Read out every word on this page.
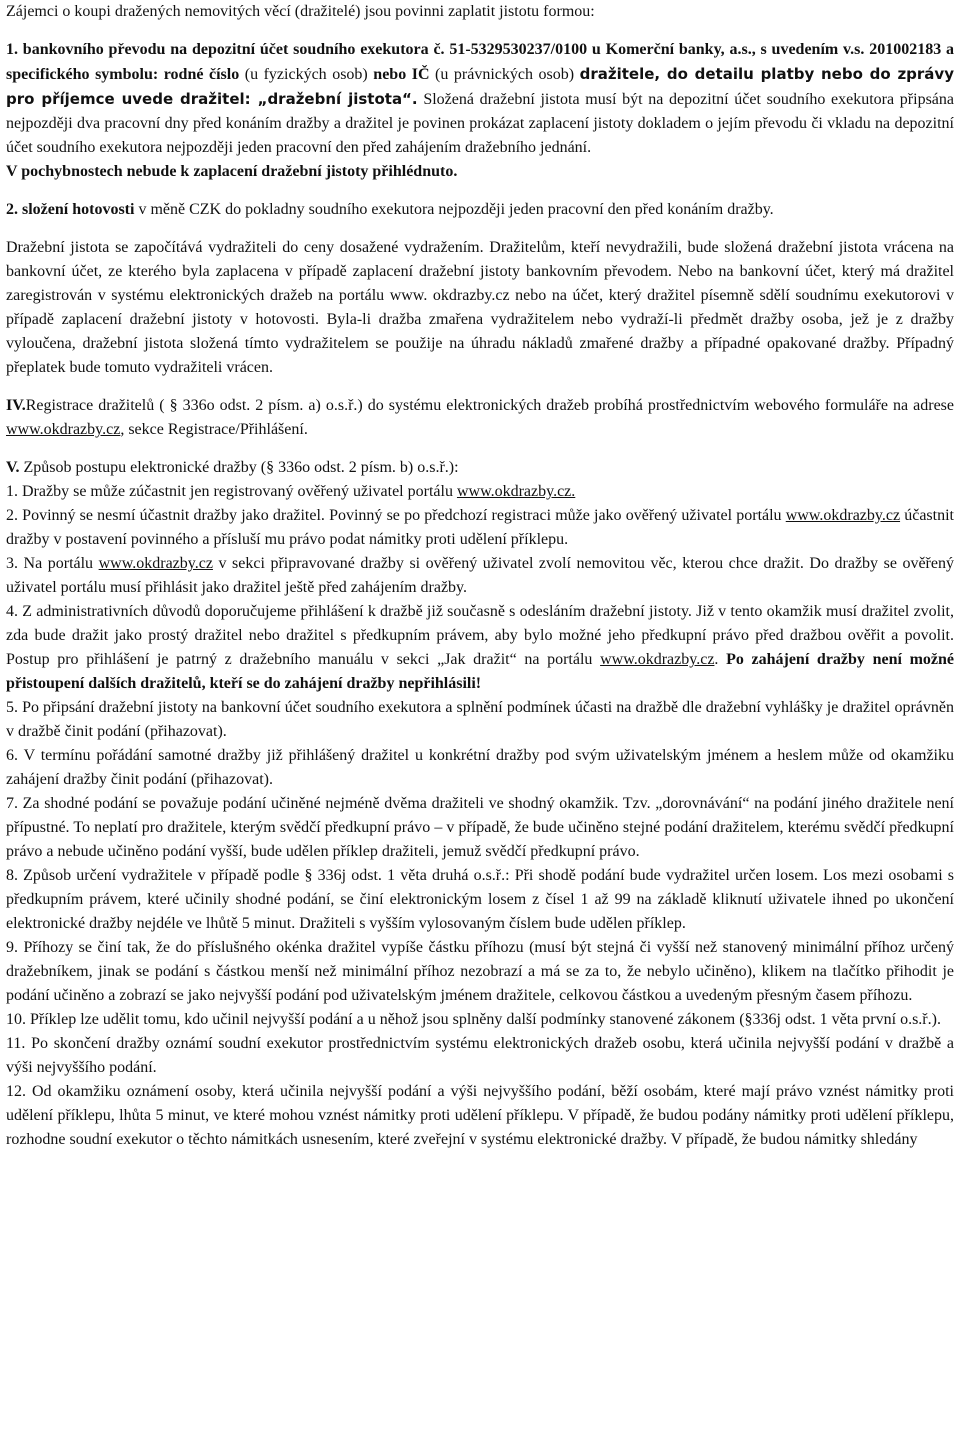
Zájemci o koupi dražených nemovitých věcí (dražitelé) jsou povinni zaplatit jistotu formou:

1. bankovního převodu na depozitní účet soudního exekutora č. 51-5329530237/0100 u Komerční banky, a.s., s uvedením v.s. 201002183 a specifického symbolu: rodné číslo (u fyzických osob) nebo IČ (u právnických osob) dražitele, do detailu platby nebo do zprávy pro příjemce uvede dražitel: „dražební jistota“. Složená dražební jistota musí být na depozitní účet soudního exekutora připsána nejpozději dva pracovní dny před konáním dražby a dražitel je povinen prokázat zaplacení jistoty dokladem o jejím převodu či vkladu na depozitní účet soudního exekutora nejpozději jeden pracovní den před zahájením dražebního jednání.

V pochybnostech nebude k zaplacení dražební jistoty přihlédnuto.

2. složení hotovosti v měně CZK do pokladny soudního exekutora nejpozději jeden pracovní den před konáním dražby.

Dražební jistota se započítává vydražiteli do ceny dosažené vydražením. Dražitelům, kteří nevydražili, bude složená dražební jistota vrácena na bankovní účet, ze kterého byla zaplacena v případě zaplacení dražební jistoty bankovním převodem. Nebo na bankovní účet, který má dražitel zaregistrován v systému elektronických dražeb na portálu www. okdrazby.cz nebo na účet, který dražitel písemně sdělí soudnímu exekutorovi v případě zaplacení dražební jistoty v hotovosti. Byla-li dražba zmařena vydražitelem nebo vydraží-li předmět dražby osoba, jež je z dražby vyloučena, dražební jistota složená tímto vydražitelem se použije na úhradu nákladů zmařené dražby a případné opakované dražby. Případný přeplatek bude tomuto vydražiteli vrácen.

IV.Registrace dražitelů ( § 336o odst. 2 písm. a) o.s.ř.) do systému elektronických dražeb probíhá prostřednictvím webového formuláře na adrese www.okdrazby.cz, sekce Registrace/Přihlášení.

V. Způsob postupu elektronické dražby (§ 336o odst. 2 písm. b) o.s.ř.):

1. Dražby se může zúčastnit jen registrovaný ověřený uživatel portálu www.okdrazby.cz.

2. Povinný se nesmí účastnit dražby jako dražitel. Povinný se po předchozí registraci může jako ověřený uživatel portálu www.okdrazby.cz účastnit dražby v postavení povinného a přísluší mu právo podat námitky proti udělení příklepu.

3. Na portálu www.okdrazby.cz v sekci připravované dražby si ověřený uživatel zvolí nemovitou věc, kterou chce dražit. Do dražby se ověřený uživatel portálu musí přihlásit jako dražitel ještě před zahájením dražby.

4. Z administrativních důvodů doporučujeme přihlášení k dražbě již současně s odesláním dražební jistoty. Již v tento okamžik musí dražitel zvolit, zda bude dražit jako prostý dražitel nebo dražitel s předkupním právem, aby bylo možné jeho předkupní právo před dražbou ověřit a povolit. Postup pro přihlášení je patrný z dražebního manuálu v sekci „Jak dražit“ na portálu www.okdrazby.cz. Po zahájení dražby není možné přistoupení dalších dražitelů, kteří se do zahájení dražby nepřihlásili!

5. Po připsání dražební jistoty na bankovní účet soudního exekutora a splnění podmínek účasti na dražbě dle dražební vyhlášky je dražitel oprávněn v dražbě činit podání (přihazovat).

6. V termínu pořádání samotné dražby již přihlášený dražitel u konkrétní dražby pod svým uživatelským jménem a heslem může od okamžiku zahájení dražby činit podání (přihazovat).

7. Za shodné podání se považuje podání učiněné nejméně dvěma dražiteli ve shodný okamžik. Tzv. „dorovnávání“ na podání jiného dražitele není přípustné. To neplatí pro dražitele, kterým svědčí předkupní právo – v případě, že bude učiněno stejné podání dražitelem, kterému svědčí předkupní právo a nebude učiněno podání vyšší, bude udělen příklep dražiteli, jemuž svědčí předkupní právo.

8. Způsob určení vydražitele v případě podle § 336j odst. 1 věta druhá o.s.ř.: Při shodě podání bude vydražitel určen losem. Los mezi osobami s předkupním právem, které učinily shodné podání, se činí elektronickým losem z čísel 1 až 99 na základě kliknutí uživatele ihned po ukončení elektronické dražby nejdéle ve lhůtě 5 minut. Dražiteli s vyšším vylosovaným číslem bude udělen příklep.

9. Příhozy se činí tak, že do příslušného okénka dražitel vypíše částku příhozu (musí být stejná či vyšší než stanovený minimální příhoz určený dražebníkem, jinak se podání s částkou menší než minimální příhoz nezobrazí a má se za to, že nebylo učiněno), klikem na tlačítko přihodit je podání učiněno a zobrazí se jako nejvyšší podání pod uživatelským jménem dražitele, celkovou částkou a uvedeným přesným časem příhozu.

10. Příklep lze udělit tomu, kdo učinil nejvyšší podání a u něhož jsou splněny další podmínky stanovené zákonem (§336j odst. 1 věta první o.s.ř.).

11. Po skončení dražby oznámí soudní exekutor prostřednictvím systému elektronických dražeb osobu, která učinila nejvyšší podání v dražbě a výši nejvyššího podání.

12. Od okamžiku oznámení osoby, která učinila nejvyšší podání a výši nejvyššího podání, běží osobám, které mají právo vznést námitky proti udělení příklepu, lhůta 5 minut, ve které mohou vznést námitky proti udělení příklepu. V případě, že budou podány námitky proti udělení příklepu, rozhodne soudní exekutor o těchto námitkách usnesením, které zveřejní v systému elektronické dražby. V případě, že budou námitky shledány
